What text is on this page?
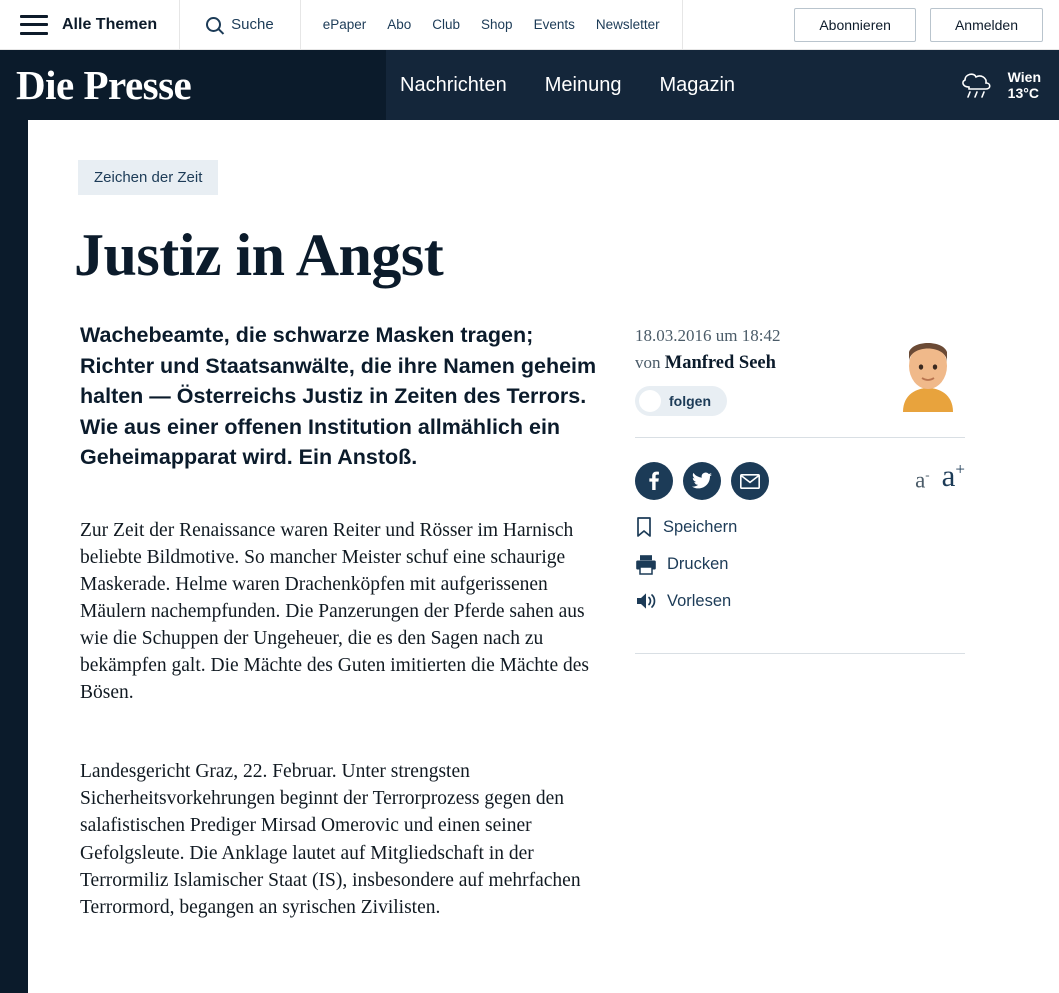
Alle Themen	Suche	ePaper Abo Club Shop Events Newsletter	Abonnieren	Anmelden
Die Presse	Nachrichten Meinung Magazin	Wien
13°C
Zeichen der Zeit
Justiz in Angst
Wachebeamte, die schwarze Masken tragen; Richter und Staatsanwälte, die ihre Namen geheim halten — Österreichs Justiz in Zeiten des Terrors. Wie aus einer offenen Institution allmählich ein Geheimapparat wird. Ein Anstoß.

Zur Zeit der Renaissance waren Reiter und Rösser im Harnisch beliebte Bildmotive. So mancher Meister schuf eine schaurige Maskerade. Helme waren Drachenköpfen mit aufgerissenen Mäulern nachempfunden. Die Panzerungen der Pferde sahen aus wie die Schuppen der Ungeheuer, die es den Sagen nach zu bekämpfen galt. Die Mächte des Guten imitierten die Mächte des Bösen.

Landesgericht Graz, 22. Februar. Unter strengsten Sicherheitsvorkehrungen beginnt der Terrorprozess gegen den salafistischen Prediger Mirsad Omerovic und einen seiner Gefolgsleute. Die Anklage lautet auf Mitgliedschaft in der Terrormiliz Islamischer Staat (IS), insbesondere auf mehrfachen Terrormord, begangen an syrischen Zivilisten.

18.03.2016 um 18:42
von Manfred Seeh
folgen
a- a+
Speichern
Drucken
Vorlesen
